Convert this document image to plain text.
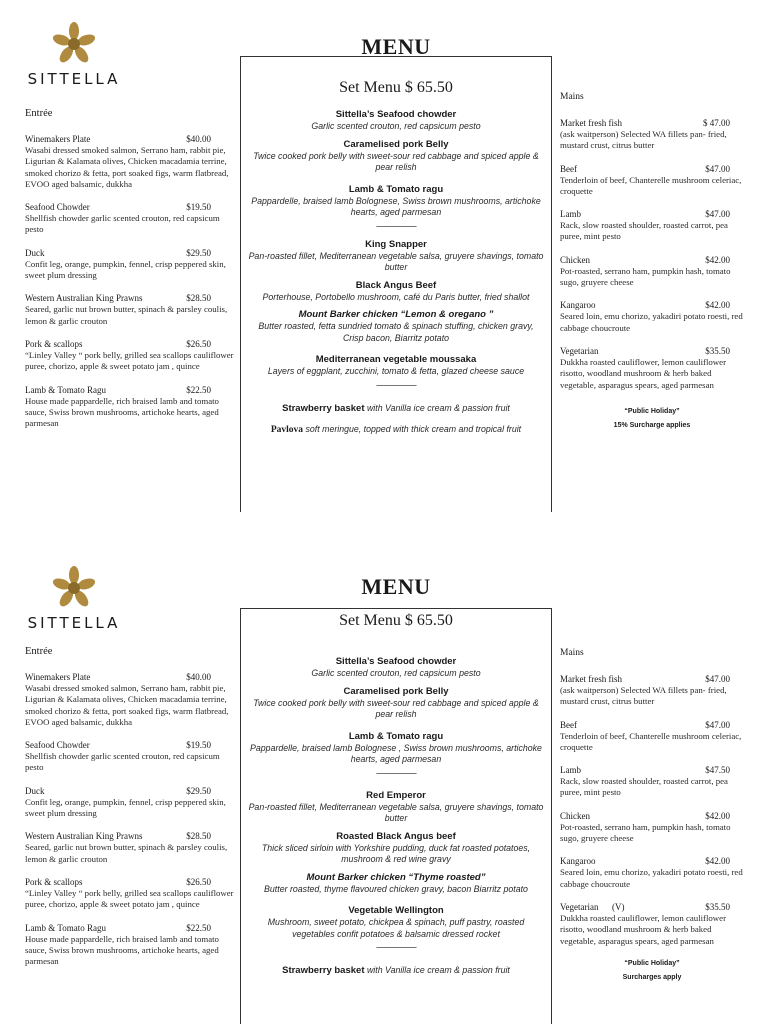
SITTELLA
MENU
Entrée
Winemakers Plate	$40.00
Wasabi dressed smoked salmon, Serrano ham, rabbit pie, Ligurian & Kalamata olives, Chicken macadamia terrine, smoked chorizo & fetta, port soaked figs, warm flatbread, EVOO aged balsamic, dukkha
Seafood Chowder	$19.50
Shellfish chowder garlic scented crouton, red capsicum pesto
Duck	$29.50
Confit leg, orange, pumpkin, fennel, crisp peppered skin, sweet plum dressing
Western Australian King Prawns	$28.50
Seared, garlic nut brown butter, spinach & parsley coulis, lemon & garlic crouton
Pork & scallops	$26.50
“Linley Valley “ pork belly, grilled sea scallops cauliflower puree, chorizo, apple & sweet potato jam , quince
Lamb & Tomato Ragu	$22.50
House made pappardelle, rich braised lamb and tomato sauce, Swiss brown mushrooms, artichoke hearts, aged parmesan
Set Menu $ 65.50
Sittella’s Seafood chowder
Garlic scented crouton, red capsicum pesto
Caramelised pork Belly
Twice cooked pork belly with sweet-sour red cabbage and spiced apple & pear relish
Lamb & Tomato ragu
Pappardelle, braised lamb Bolognese, Swiss brown mushrooms, artichoke hearts, aged parmesan
—————
King Snapper
Pan-roasted fillet, Mediterranean vegetable salsa, gruyere shavings, tomato butter
Black Angus Beef
Porterhouse, Portobello mushroom, café du Paris butter, fried shallot
Mount Barker chicken “Lemon & oregano ”
Butter roasted, fetta sundried tomato & spinach stuffing, chicken gravy, Crisp bacon, Biarritz potato
Mediterranean vegetable moussaka
Layers of eggplant, zucchini, tomato & fetta, glazed cheese sauce
—————
Strawberry basket with Vanilla ice cream & passion fruit
Pavlova soft meringue, topped with thick cream and tropical fruit
Mains
Market fresh fish	$ 47.00
(ask waitperson) Selected WA fillets pan- fried, mustard crust, citrus butter
Beef	$47.00
Tenderloin of beef, Chanterelle mushroom celeriac, croquette
Lamb	$47.00
Rack, slow roasted shoulder, roasted carrot, pea puree, mint pesto
Chicken	$42.00
Pot-roasted, serrano ham, pumpkin hash, tomato sugo, gruyere cheese
Kangaroo	$42.00
Seared loin, emu chorizo, yakadiri potato roesti, red cabbage choucroute
Vegetarian	$35.50
Dukkha roasted cauliflower, lemon cauliflower risotto, woodland mushroom & herb baked vegetable, asparagus spears, aged parmesan
“Public Holiday”
15% Surcharge applies
SITTELLA
MENU
Entrée
Winemakers Plate	$40.00
Wasabi dressed smoked salmon, Serrano ham, rabbit pie, Ligurian & Kalamata olives, Chicken macadamia terrine, smoked chorizo & fetta, port soaked figs, warm flatbread, EVOO aged balsamic, dukkha
Seafood Chowder	$19.50
Shellfish chowder garlic scented crouton, red capsicum pesto
Duck	$29.50
Confit leg, orange, pumpkin, fennel, crisp peppered skin, sweet plum dressing
Western Australian King Prawns	$28.50
Seared, garlic nut brown butter, spinach & parsley coulis, lemon & garlic crouton
Pork & scallops	$26.50
“Linley Valley “ pork belly, grilled sea scallops cauliflower puree, chorizo, apple & sweet potato jam , quince
Lamb & Tomato Ragu	$22.50
House made pappardelle, rich braised lamb and tomato sauce, Swiss brown mushrooms, artichoke hearts, aged parmesan
Set Menu $ 65.50
Sittella’s Seafood chowder
Garlic scented crouton, red capsicum pesto
Caramelised pork Belly
Twice cooked pork belly with sweet-sour red cabbage and spiced apple & pear relish
Lamb & Tomato ragu
Pappardelle, braised lamb Bolognese , Swiss brown mushrooms, artichoke hearts, aged parmesan
—————
Red Emperor
Pan-roasted fillet, Mediterranean vegetable salsa, gruyere shavings, tomato butter
Roasted Black Angus beef
Thick sliced sirloin with Yorkshire pudding, duck fat roasted potatoes, mushroom & red wine gravy
Mount Barker chicken “Thyme roasted”
Butter roasted, thyme flavoured chicken gravy, bacon Biarritz potato
Vegetable Wellington
Mushroom, sweet potato, chickpea & spinach, puff pastry, roasted vegetables confit potatoes & balsamic dressed rocket
—————
Strawberry basket with Vanilla ice cream & passion fruit
Mains
Market fresh fish	$47.00
(ask waitperson) Selected WA fillets pan- fried, mustard crust, citrus butter
Beef	$47.00
Tenderloin of beef, Chanterelle mushroom celeriac, croquette
Lamb	$47.50
Rack, slow roasted shoulder, roasted carrot, pea puree, mint pesto
Chicken	$42.00
Pot-roasted, serrano ham, pumpkin hash, tomato sugo, gruyere cheese
Kangaroo	$42.00
Seared loin, emu chorizo, yakadiri potato roesti, red cabbage choucroute
Vegetarian      (V)	$35.50
Dukkha roasted cauliflower, lemon cauliflower risotto, woodland mushroom & herb baked vegetable, asparagus spears, aged parmesan
“Public Holiday”
Surcharges apply
